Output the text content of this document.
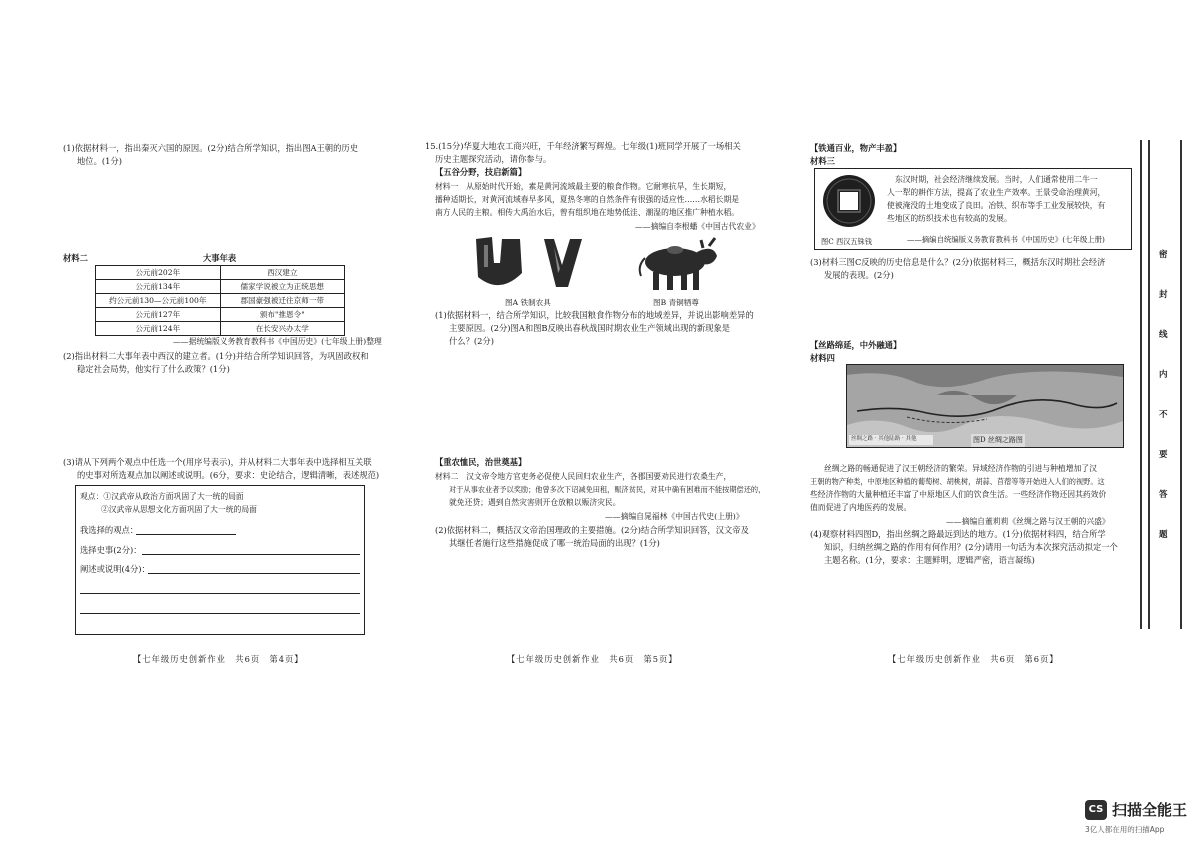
(1)依据材料一，指出秦灭六国的原因。(2分)结合所学知识，指出图A王朝的历史
地位。(1分)
材料二	大事年表
公元前202年	西汉建立
公元前134年	儒家学说被立为正统思想
约公元前130—公元前100年	郡国豪强被迁往京师一带
公元前127年	颁布"推恩令"
公元前124年	在长安兴办太学
——据统编版义务教育教科书《中国历史》(七年级上册)整理
(2)指出材料二大事年表中西汉的建立者。(1分)并结合所学知识回答，为巩固政权和
稳定社会局势，他实行了什么政策？(1分)
(3)请从下列两个观点中任选一个(用序号表示)，并从材料二大事年表中选择相互关联
的史事对所选观点加以阐述或说明。(6分，要求：史论结合，逻辑清晰，表述规范)
观点：①汉武帝从政治方面巩固了大一统的局面
②汉武帝从思想文化方面巩固了大一统的局面
我选择的观点：
选择史事(2分)：
阐述或说明(4分)：
【七年级历史创新作业　共6页　第4页】
15.(15分)华夏大地农工商兴旺，千年经济繁写辉煌。七年级(1)班同学开展了一场相关
历史主题探究活动，请你参与。
【五谷分野，技启新篇】
材料一　从原始时代开始，素是黄河流域最主要的粮食作物。它耐寒抗旱，生长期短，
播种适期长，对黄河流域春早多风，夏热冬寒的自然条件有很强的适应性……水稻长期是
南方人民的主粮。相传大禹治水后，曾有组织地在地势低洼、潮湿的地区推广种植水稻。
——摘编自李根蟠《中国古代农业》
图A 铁制农具	图B 青铜牺尊
(1)依据材料一，结合所学知识，比较我国粮食作物分布的地域差异，并说出影响差异的
主要原因。(2分)图A和图B反映出春秋战国时期农业生产领域出现的新现象是
什么？(2分)
【重农恤民，治世奠基】
材料二　汉文帝令地方官吏务必促使人民回归农业生产，各郡国要劝民进行农桑生产，
对于从事农业者予以奖励；他曾多次下诏减免田租，赈济贫民，对其中确有困难而不能按期偿还的，
就免还贷；遇到自然灾害则开仓放粮以赈济灾民。
——摘编自晁福林《中国古代史(上册)》
(2)依据材料二，概括汉文帝治国理政的主要措施。(2分)结合所学知识回答，汉文帝及
其继任者施行这些措施促成了哪一统治局面的出现？(1分)
【七年级历史创新作业　共6页　第5页】
【铁通百业，物产丰盈】
材料三
图C 西汉五铢钱
东汉时期，社会经济继续发展。当时，人们通常使用二牛一
人一犁的耕作方法，提高了农业生产效率。王景受命治理黄河，
使被淹没的土地变成了良田。冶铁、织布等手工业发展较快，有
些地区的纺织技术也有较高的发展。
——摘编自统编版义务教育教科书《中国历史》(七年级上册)
(3)材料三图C反映的历史信息是什么？(2分)依据材料三，概括东汉时期社会经济
发展的表现。(2分)
【丝路绵延，中外融通】
材料四
丝绸之路 · 其他陆路 · 其他	图D 丝绸之路图
丝绸之路的畅通促进了汉王朝经济的繁荣。异域经济作物的引进与种植增加了汉
王朝的物产种类，中原地区种植的葡萄树、胡桃树，胡蒜、苜蓿等等开始进入人们的视野。这
些经济作物的大量种植还丰富了中原地区人们的饮食生活。一些经济作物还因其药效价
值而促进了内地医药的发展。
——摘编自董莉莉《丝绸之路与汉王朝的兴盛》
(4)观察材料四图D，指出丝绸之路最远到达的地方。(1分)依据材料四，结合所学
知识，归纳丝绸之路的作用有何作用？(2分)请用一句话为本次探究活动拟定一个
主题名称。(1分，要求：主题鲜明，逻辑严密，语言凝练)
【七年级历史创新作业　共6页　第6页】
密
封
线
内
不
要
答
题
CS 扫描全能王
3亿人都在用的扫描App
